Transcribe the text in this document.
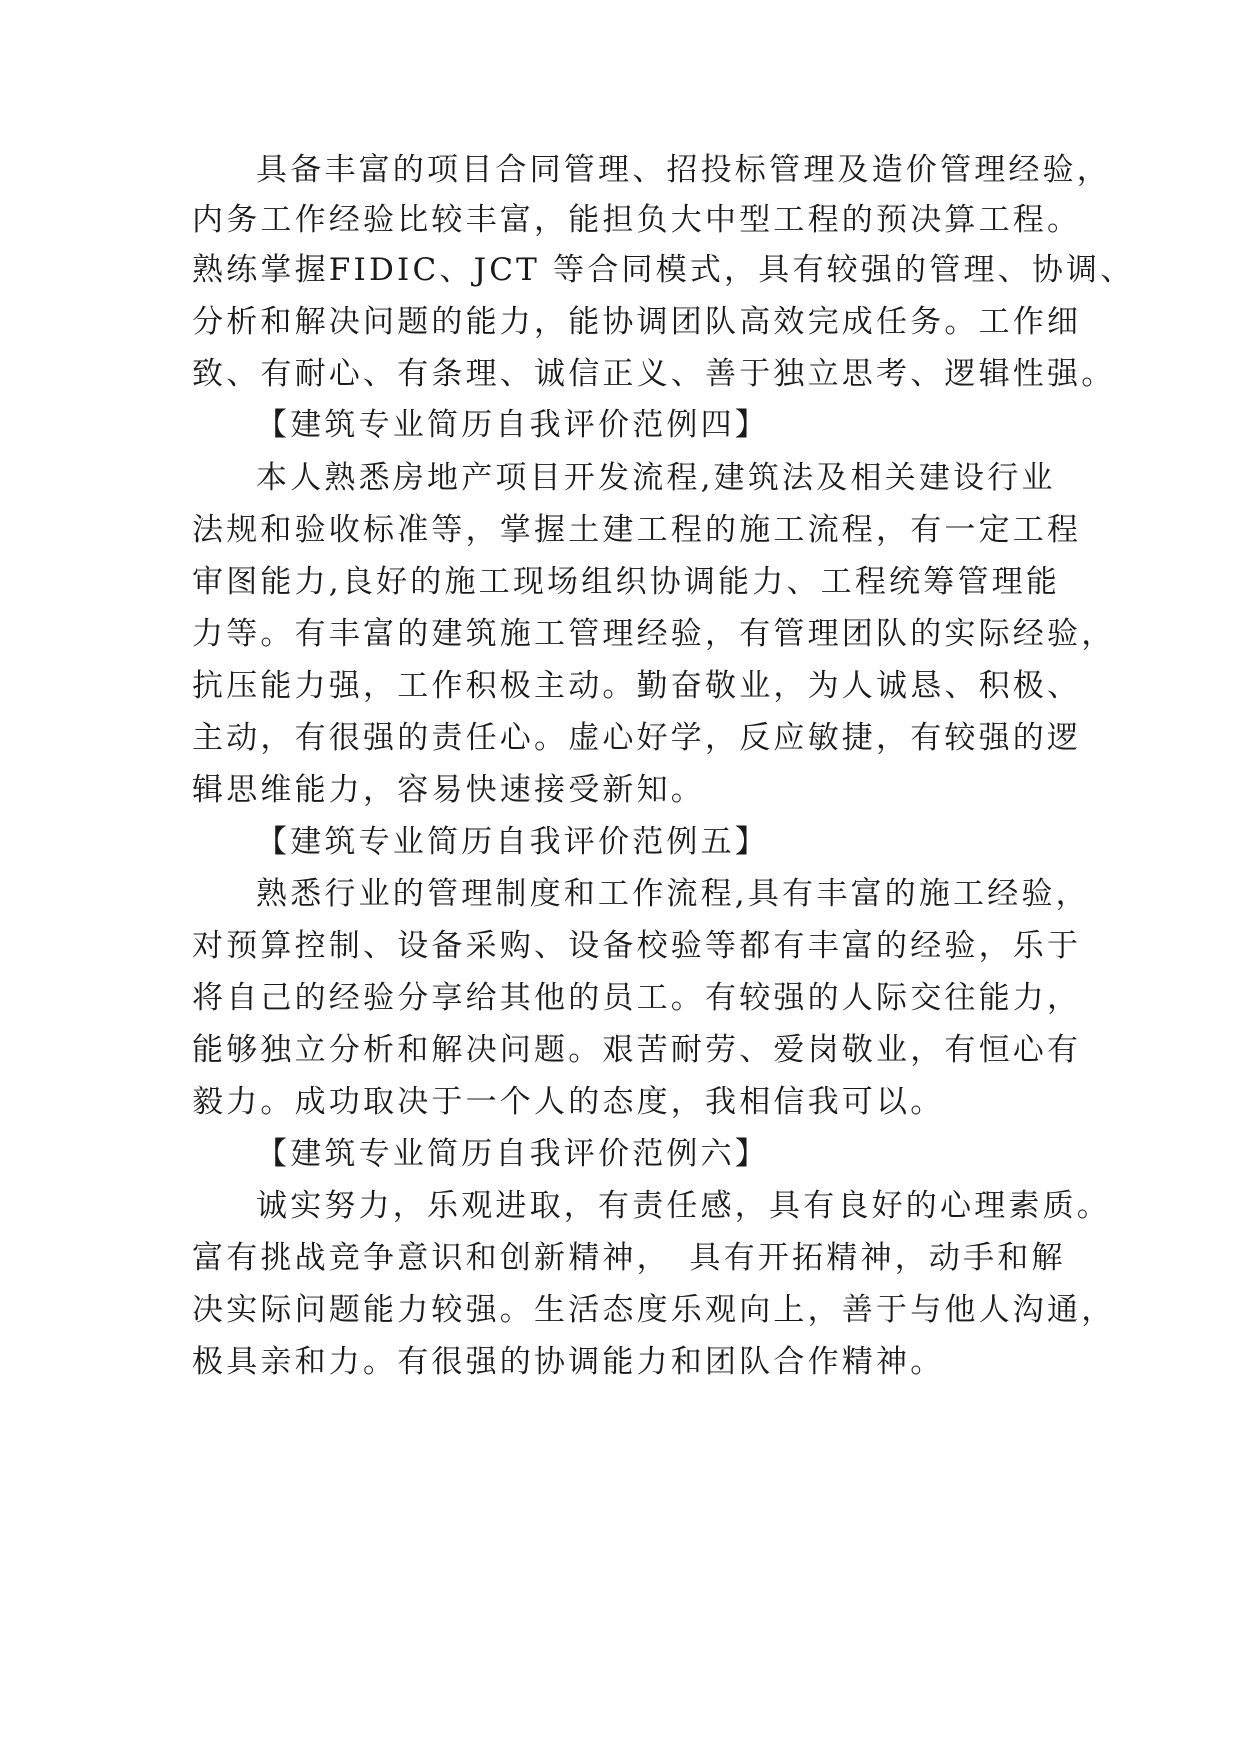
具备丰富的项目合同管理、招投标管理及造价管理经验，
内务工作经验比较丰富，能担负大中型工程的预决算工程。
熟练掌握FIDIC、JCT 等合同模式，具有较强的管理、协调、
分析和解决问题的能力，能协调团队高效完成任务。工作细
致、有耐心、有条理、诚信正义、善于独立思考、逻辑性强。
【建筑专业简历自我评价范例四】
本人熟悉房地产项目开发流程,建筑法及相关建设行业
法规和验收标准等，掌握土建工程的施工流程，有一定工程
审图能力,良好的施工现场组织协调能力、工程统筹管理能
力等。有丰富的建筑施工管理经验，有管理团队的实际经验，
抗压能力强，工作积极主动。勤奋敬业，为人诚恳、积极、
主动，有很强的责任心。虚心好学，反应敏捷，有较强的逻
辑思维能力，容易快速接受新知。
【建筑专业简历自我评价范例五】
熟悉行业的管理制度和工作流程,具有丰富的施工经验，
对预算控制、设备采购、设备校验等都有丰富的经验，乐于
将自己的经验分享给其他的员工。有较强的人际交往能力，
能够独立分析和解决问题。艰苦耐劳、爱岗敬业，有恒心有
毅力。成功取决于一个人的态度，我相信我可以。
【建筑专业简历自我评价范例六】
诚实努力，乐观进取，有责任感，具有良好的心理素质。
富有挑战竞争意识和创新精神，　具有开拓精神，动手和解
决实际问题能力较强。生活态度乐观向上，善于与他人沟通，
极具亲和力。有很强的协调能力和团队合作精神。
